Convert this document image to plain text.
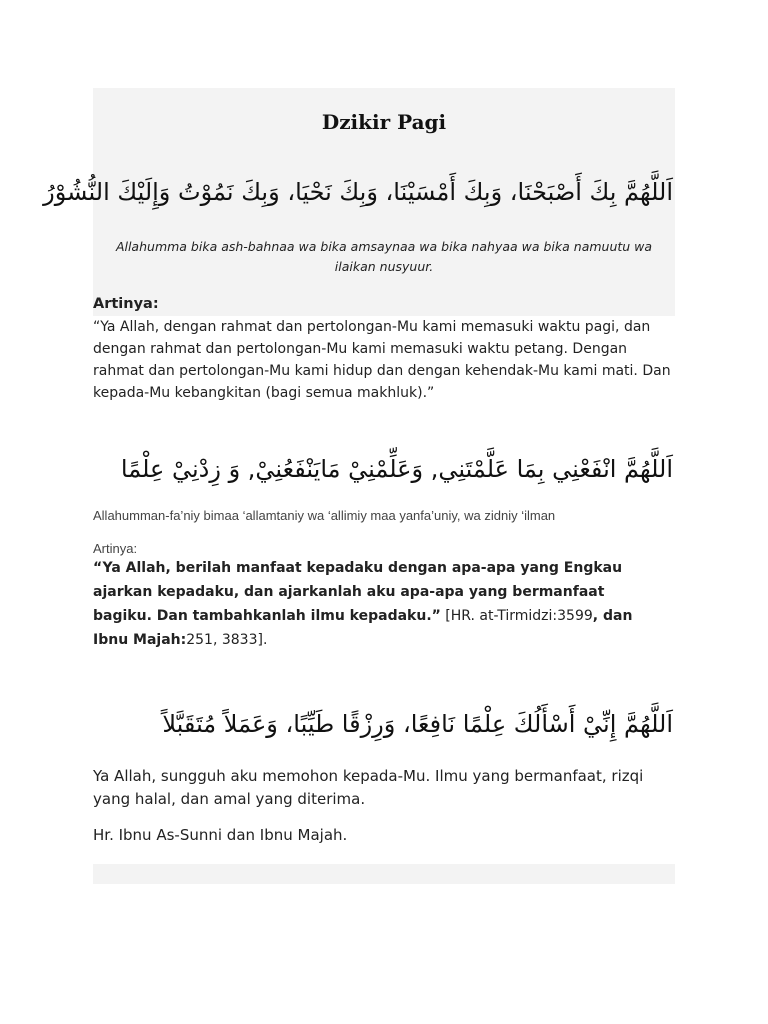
Dzikir Pagi
اَللَّهُمَّ بِكَ أَصْبَحْنَا، وَبِكَ أَمْسَيْنَا، وَبِكَ نَحْيَا، وَبِكَ نَمُوْتُ وَإِلَيْكَ النُّشُوْرُ
Allahumma bika ash-bahnaa wa bika amsaynaa wa bika nahyaa wa bika namuutu wa ilaikan nusyuur.
Artinya:
“Ya Allah, dengan rahmat dan pertolongan-Mu kami memasuki waktu pagi, dan dengan rahmat dan pertolongan-Mu kami memasuki waktu petang. Dengan rahmat dan pertolongan-Mu kami hidup dan dengan kehendak-Mu kami mati. Dan kepada-Mu kebangkitan (bagi semua makhluk).”
اَللَّهُمَّ انْفَعْنِي بِمَا عَلَّمْتَنِي, وَعَلِّمْنِيْ مَايَنْفَعُنِيْ, وَ زِدْنِيْ عِلْمًا
Allahumman-fa’niy bimaa ‘allamtaniy wa ‘allimiy maa yanfa’uniy, wa zidniy ‘ilman
Artinya:
“Ya Allah, berilah manfaat kepadaku dengan apa-apa yang Engkau ajarkan kepadaku, dan ajarkanlah aku apa-apa yang bermanfaat bagiku. Dan tambahkanlah ilmu kepadaku.” [HR. at-Tirmidzi:3599, dan Ibnu Majah:251, 3833].
اَللَّهُمَّ إِنِّيْ أَسْأَلُكَ عِلْمًا نَافِعًا، وَرِزْقًا طَيِّبًا، وَعَمَلاً مُتَقَبَّلاً
Ya Allah, sungguh aku memohon kepada-Mu. Ilmu yang bermanfaat, rizqi yang halal, dan amal yang diterima.
Hr. Ibnu As-Sunni dan Ibnu Majah.
